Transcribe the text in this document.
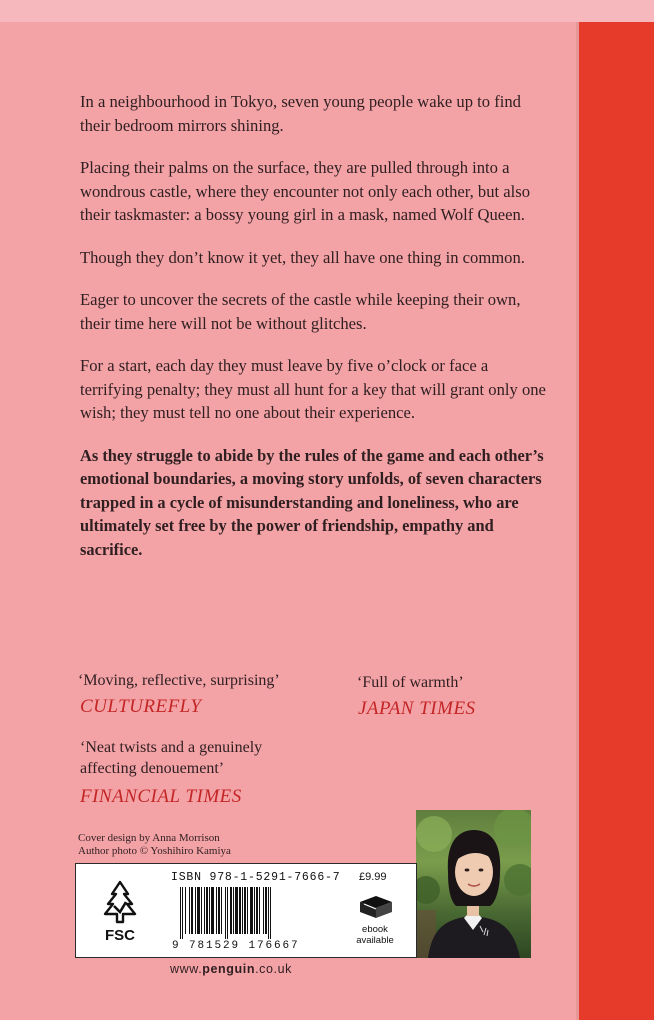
In a neighbourhood in Tokyo, seven young people wake up to find their bedroom mirrors shining.

Placing their palms on the surface, they are pulled through into a wondrous castle, where they encounter not only each other, but also their taskmaster: a bossy young girl in a mask, named Wolf Queen.

Though they don’t know it yet, they all have one thing in common.

Eager to uncover the secrets of the castle while keeping their own, their time here will not be without glitches.

For a start, each day they must leave by five o’clock or face a terrifying penalty; they must all hunt for a key that will grant only one wish; they must tell no one about their experience.

As they struggle to abide by the rules of the game and each other’s emotional boundaries, a moving story unfolds, of seven characters trapped in a cycle of misunderstanding and loneliness, who are ultimately set free by the power of friendship, empathy and sacrifice.

‘Moving, reflective, surprising’
CULTUREFLY
‘Full of warmth’
JAPAN TIMES
‘Neat twists and a genuinely
affecting denouement’
FINANCIAL TIMES
Cover design by Anna Morrison
Author photo © Yoshihiro Kamiya
FSC
ISBN 978-1-5291-7666-7
9 781529 176667
£9.99
ebook
available
www.penguin.co.uk
